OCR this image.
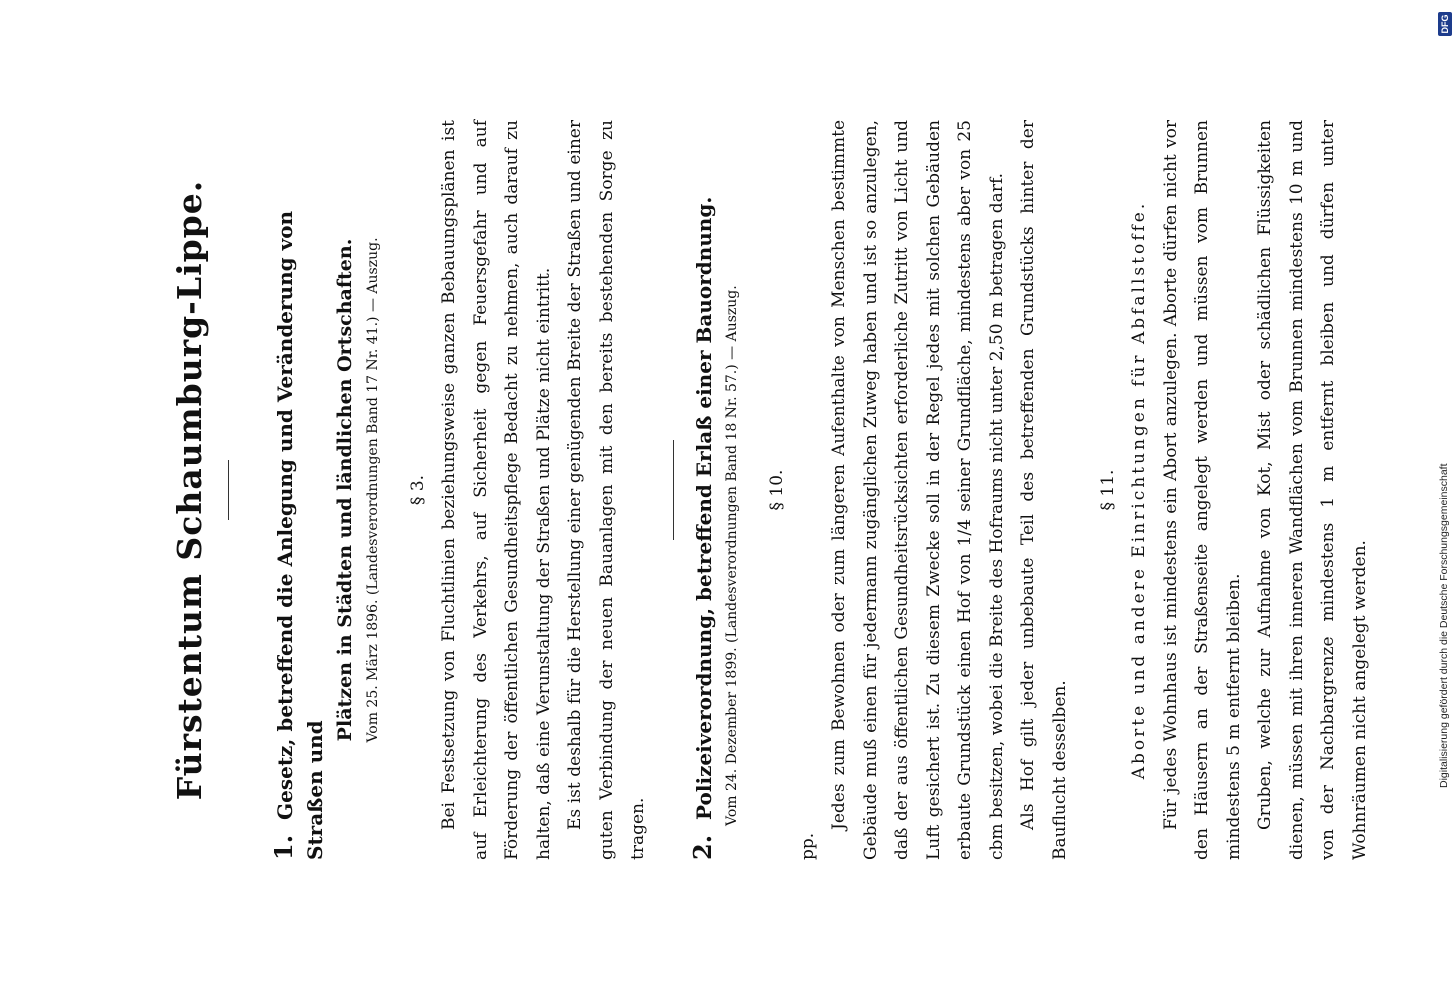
Fürstentum Schaumburg-Lippe.
1. Gesetz, betreffend die Anlegung und Veränderung von Straßen und
Plätzen in Städten und ländlichen Ortschaften. Vom 25. März 1896. (Landesverordnungen Band 17 Nr. 41.) — Auszug.	§ 3. Bei Festsetzung von Fluchtlinien beziehungsweise ganzen Bebauungsplänen ist auf Erleichterung des Verkehrs, auf Sicherheit gegen Feuersgefahr und auf Förderung der öffentlichen Gesundheitspflege Bedacht zu nehmen, auch darauf zu halten, daß eine Verunstaltung der Straßen und Plätze nicht eintritt. Es ist deshalb für die Herstellung einer genügenden Breite der Straßen und einer guten Verbindung der neuen Bauanlagen mit den bereits bestehenden Sorge zu tragen. 2. Polizeiverordnung, betreffend Erlaß einer Bauordnung. Vom 24. Dezember 1899. (Landesverordnungen Band 18 Nr. 57.) — Auszug.	§ 10.

pp.

Jedes zum Bewohnen oder zum längeren Aufenthalte von Menschen bestimmte Gebäude muß einen für jedermann zugänglichen Zuweg haben und ist so anzulegen, daß der aus öffentlichen Gesundheitsrücksichten erforderliche Zutritt von Licht und Luft gesichert ist. Zu diesem Zwecke soll in der Regel jedes mit solchen Gebäuden erbaute Grundstück einen Hof von 1/4 seiner Grundfläche, mindestens aber von 25 cbm besitzen, wobei die Breite des Hofraums nicht unter 2,50 m betragen darf. Als Hof gilt jeder unbebaute Teil des betreffenden Grundstücks hinter der Bauflucht desselben.

§ 11. Aborte und andere Einrichtungen für Abfallstoffe. Für jedes Wohnhaus ist mindestens ein Abort anzulegen. Aborte dürfen nicht vor den Häusern an der Straßenseite angelegt werden und müssen vom Brunnen mindestens 5 m entfernt bleiben. Gruben, welche zur Aufnahme von Kot, Mist oder schädlichen Flüssigkeiten dienen, müssen mit ihren inneren Wandflächen vom Brunnen mindestens 10 m und von der Nachbargrenze mindestens 1 m entfernt bleiben und dürfen unter Wohnräumen nicht angelegt werden.

DFG
Digitalisierung gefördert durch die Deutsche Forschungsgemeinschaft
